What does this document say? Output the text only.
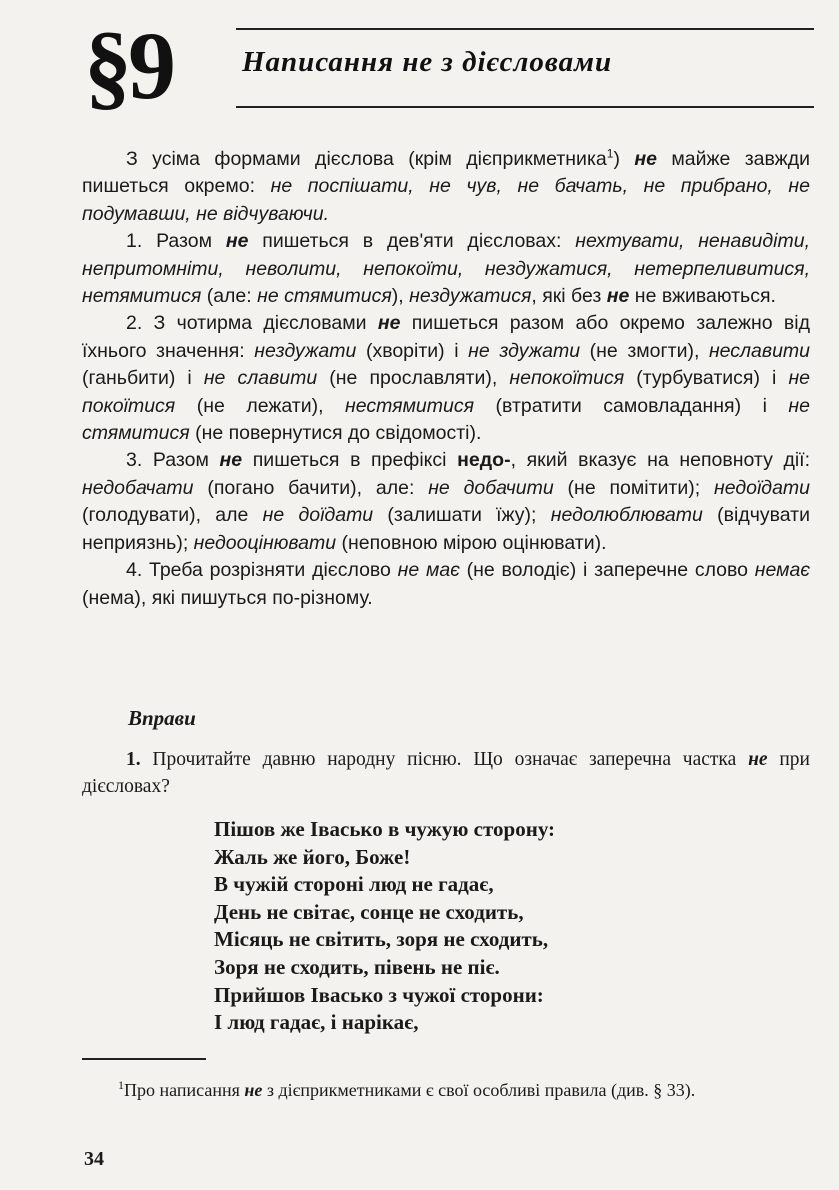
§9 Написання не з дієсловами

З усіма формами дієслова (крім дієприкметника$^1$) не майже завжди пишеться окремо: не поспішати, не чув, не бачать, не прибрано, не подумавши, не відчуваючи.

1. Разом не пишеться в дев'яти дієсловах: нехтувати, ненавидіти, непритомніти, неволити, непокоїти, нездужатися, нетерпеливитися, нетямитися (але: не стямитися), нездужатися, які без не не вживаються.

2. З чотирма дієсловами не пишеться разом або окремо залежно від їхнього значення: нездужати (хворіти) і не здужати (не змогти), неславити (ганьбити) і не славити (не прославляти), непокоїтися (турбуватися) і не покоїтися (не лежати), нестямитися (втратити самовладання) і не стямитися (не повернутися до свідомості).

3. Разом не пишеться в префіксі недо-, який вказує на неповноту дії: недобачати (погано бачити), але: не добачити (не помітити); недоїдати (голодувати), але не доїдати (залишати їжу); недолюблювати (відчувати неприязнь); недооцінювати (неповною мірою оцінювати).

4. Треба розрізняти дієслово не має (не володіє) і заперечне слово немає (нема), які пишуться по-різному.

Вправи

1. Прочитайте давню народну пісню. Що означає заперечна частка не при дієсловах?

Пішов же Івасько в чужую сторону:
Жаль же його, Боже!
В чужій стороні люд не гадає,
День не світає, сонце не сходить,
Місяць не світить, зоря не сходить,
Зоря не сходить, півень не піє.
Прийшов Івасько з чужої сторони:
І люд гадає, і нарікає,

$^1$Про написання не з дієприкметниками є свої особливі правила (див. § 33).

34
